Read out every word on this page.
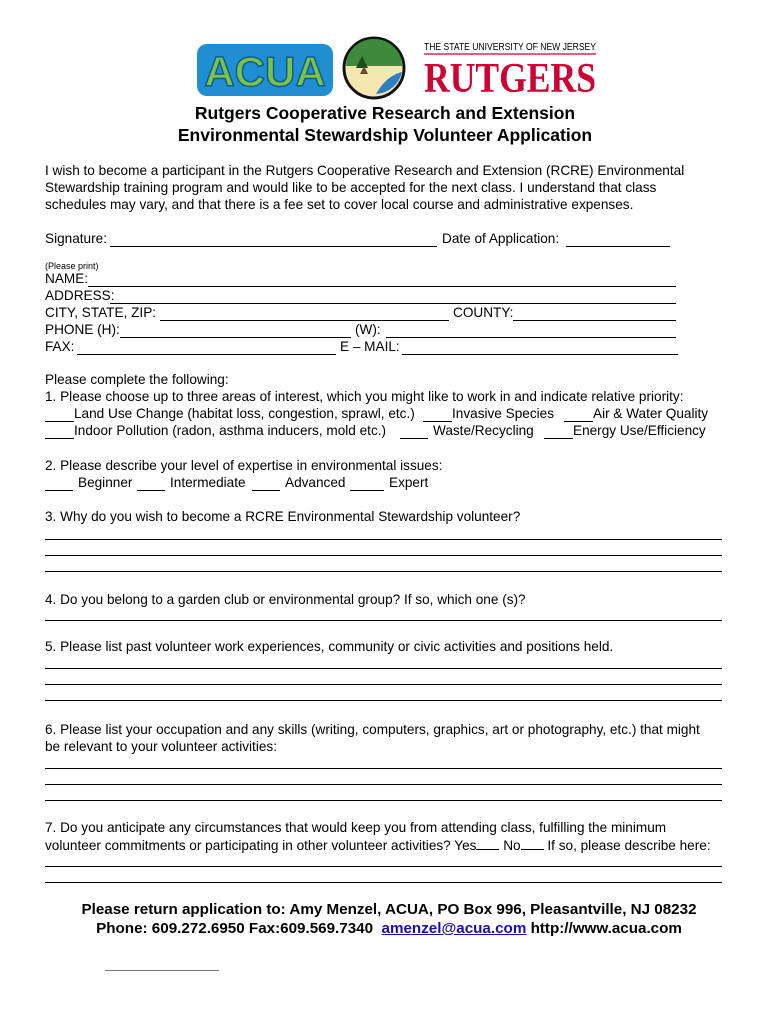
ACUA
THE STATE UNIVERSITY OF NEW JERSEY
RUTGERS
Rutgers Cooperative Research and Extension
Environmental Stewardship Volunteer Application
I wish to become a participant in the Rutgers Cooperative Research and Extension (RCRE) Environmental
Stewardship training program and would like to be accepted for the next class. I understand that class
schedules may vary, and that there is a fee set to cover local course and administrative expenses.
Signature:	Date of Application:
(Please print)
NAME:
ADDRESS:
CITY, STATE, ZIP:	COUNTY:
PHONE (H):	(W):
FAX:	E – MAIL:
Please complete the following:
1. Please choose up to three areas of interest, which you might like to work in and indicate relative priority:
Land Use Change (habitat loss, congestion, sprawl, etc.)	Invasive Species	Air & Water Quality
Indoor Pollution (radon, asthma inducers, mold etc.)	Waste/Recycling	Energy Use/Efficiency
2. Please describe your level of expertise in environmental issues:
Beginner	Intermediate	Advanced	Expert
3. Why do you wish to become a RCRE Environmental Stewardship volunteer?
4. Do you belong to a garden club or environmental group? If so, which one (s)?
5. Please list past volunteer work experiences, community or civic activities and positions held.
6. Please list your occupation and any skills (writing, computers, graphics, art or photography, etc.) that might
be relevant to your volunteer activities:
7. Do you anticipate any circumstances that would keep you from attending class, fulfilling the minimum
volunteer commitments or participating in other volunteer activities? Yes No If so, please describe here:
Please return application to: Amy Menzel, ACUA, PO Box 996, Pleasantville, NJ 08232
Phone: 609.272.6950 Fax:609.569.7340 amenzel@acua.com http://www.acua.com
